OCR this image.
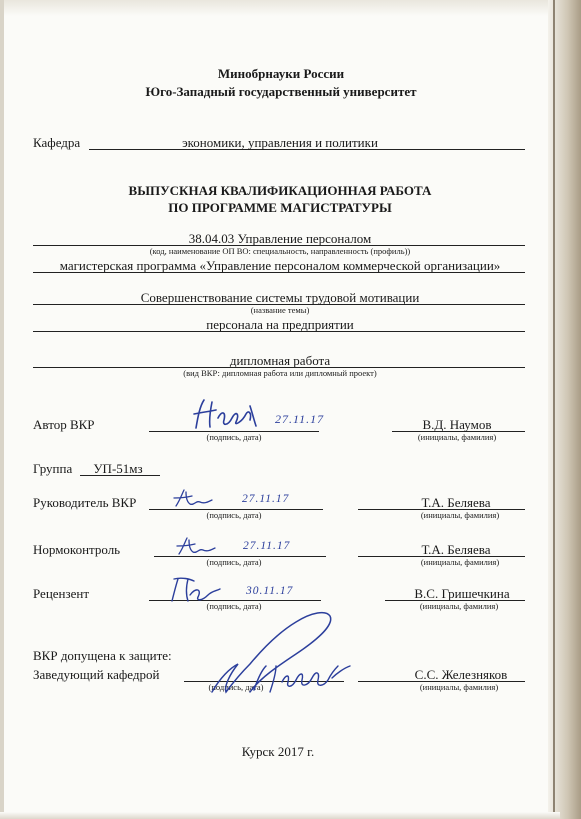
Минобрнауки России
Юго-Западный государственный университет
Кафедра	экономики, управления и политики
ВЫПУСКНАЯ КВАЛИФИКАЦИОННАЯ РАБОТА
ПО ПРОГРАММЕ МАГИСТРАТУРЫ
38.04.03 Управление персоналом
(код, наименование ОП ВО: специальность, направленность (профиль))
магистерская программа «Управление персоналом коммерческой организации»
Совершенствование системы трудовой мотивации
(название темы)
персонала на предприятии
дипломная работа
(вид ВКР: дипломная работа или дипломный проект)
Автор ВКР
(подпись, дата)
В.Д. Наумов
(инициалы, фамилия)
27.11.17
Группа УП-51мз
Руководитель ВКР
(подпись, дата)
Т.А. Беляева
(инициалы, фамилия)
27.11.17
Нормоконтроль
(подпись, дата)
Т.А. Беляева
(инициалы, фамилия)
27.11.17
Рецензент
(подпись, дата)
В.С. Гришечкина
(инициалы, фамилия)
30.11.17
ВКР допущена к защите:
Заведующий кафедрой
(подпись, дата)
С.С. Железняков
(инициалы, фамилия)
Курск 2017 г.
